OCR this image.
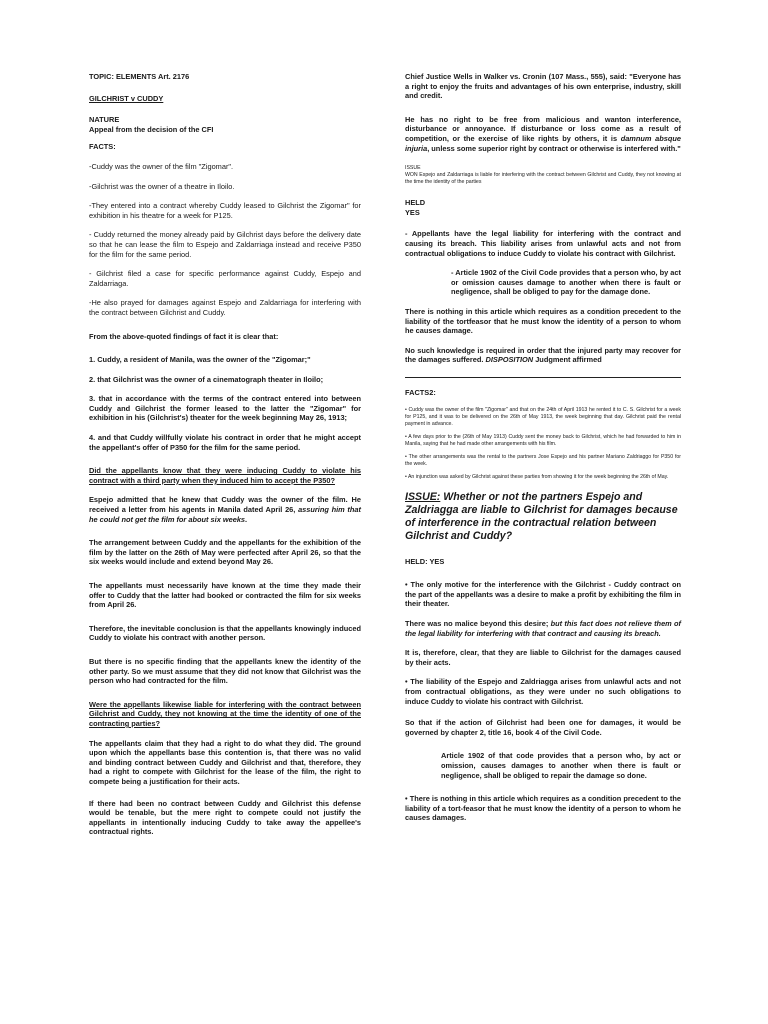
TOPIC: ELEMENTS Art. 2176

GILCHRIST v CUDDY

NATURE

Appeal from the decision of the CFI

FACTS:

-Cuddy was the owner of the film "Zigomar".

-Gilchrist was the owner of a theatre in Iloilo.

-They entered into a contract whereby Cuddy leased to Gilchrist the Zigomar" for exhibition in his theatre for a week for P125.

- Cuddy returned the money already paid by Gilchrist days before the delivery date so that he can lease the film to Espejo and Zaldarriaga instead and receive P350 for the film for the same period.

- Gilchrist filed a case for specific performance against Cuddy, Espejo and Zaldarriaga.

-He also prayed for damages against Espejo and Zaldarriaga for interfering with the contract between Gilchrist and Cuddy.

From the above-quoted findings of fact it is clear that:

1. Cuddy, a resident of Manila, was the owner of the "Zigomar;"

2. that Gilchrist was the owner of a cinematograph theater in Iloilo;

3. that in accordance with the terms of the contract entered into between Cuddy and Gilchrist the former leased to the latter the "Zigomar" for exhibition in his (Gilchrist's) theater for the week beginning May 26, 1913;

4. and that Cuddy willfully violate his contract in order that he might accept the appellant's offer of P350 for the film for the same period.

Did the appellants know that they were inducing Cuddy to violate his contract with a third party when they induced him to accept the P350?

Espejo admitted that he knew that Cuddy was the owner of the film. He received a letter from his agents in Manila dated April 26, assuring him that he could not get the film for about six weeks.

The arrangement between Cuddy and the appellants for the exhibition of the film by the latter on the 26th of May were perfected after April 26, so that the six weeks would include and extend beyond May 26.

The appellants must necessarily have known at the time they made their offer to Cuddy that the latter had booked or contracted the film for six weeks from April 26.

Therefore, the inevitable conclusion is that the appellants knowingly induced Cuddy to violate his contract with another person.

But there is no specific finding that the appellants knew the identity of the other party. So we must assume that they did not know that Gilchrist was the person who had contracted for the film.

Were the appellants likewise liable for interfering with the contract between Gilchrist and Cuddy, they not knowing at the time the identity of one of the contracting parties?

The appellants claim that they had a right to do what they did. The ground upon which the appellants base this contention is, that there was no valid and binding contract between Cuddy and Gilchrist and that, therefore, they had a right to compete with Gilchrist for the lease of the film, the right to compete being a justification for their acts.

If there had been no contract between Cuddy and Gilchrist this defense would be tenable, but the mere right to compete could not justify the appellants in intentionally inducing Cuddy to take away the appellee's contractual rights.

Chief Justice Wells in Walker vs. Cronin (107 Mass., 555), said: "Everyone has a right to enjoy the fruits and advantages of his own enterprise, industry, skill and credit.

He has no right to be free from malicious and wanton interference, disturbance or annoyance. If disturbance or loss come as a result of competition, or the exercise of like rights by others, it is damnum absque injuria, unless some superior right by contract or otherwise is interfered with."

ISSUE

WON Espejo and Zaldarriaga is liable for interfering with the contract between Gilchrist and Cuddy, they not knowing at the time the identity of the parties

HELD

YES

- Appellants have the legal liability for interfering with the contract and causing its breach. This liability arises from unlawful acts and not from contractual obligations to induce Cuddy to violate his contract with Gilchrist.

- Article 1902 of the Civil Code provides that a person who, by act or omission causes damage to another when there is fault or negligence, shall be obliged to pay for the damage done.

There is nothing in this article which requires as a condition precedent to the liability of the tortfeasor that he must know the identity of a person to whom he causes damage.

No such knowledge is required in order that the injured party may recover for the damages suffered. DISPOSITION Judgment affirmed

FACTS2:

• Cuddy was the owner of the film "Zigomar" and that on the 24th of April 1913 he rented it to C. S. Gilchrist for a week for P125, and it was to be delivered on the 26th of May 1913, the week beginning that day. Gilchrist paid the rental payment in advance.

• A few days prior to the (26th of May 1913) Cuddy sent the money back to Gilchrist, which he had forwarded to him in Manila, saying that he had made other arrangements with his film.

• The other arrangements was the rental to the partners Jose Espejo and his partner Mariano Zaldriaggo for P350 for the week.

• An injunction was asked by Gilchrist against these parties from showing it for the week beginning the 26th of May.

ISSUE: Whether or not the partners Espejo and Zaldriagga are liable to Gilchrist for damages because of interference in the contractual relation between Gilchrist and Cuddy?

HELD: YES

• The only motive for the interference with the Gilchrist - Cuddy contract on the part of the appellants was a desire to make a profit by exhibiting the film in their theater.

There was no malice beyond this desire; but this fact does not relieve them of the legal liability for interfering with that contract and causing its breach.

It is, therefore, clear, that they are liable to Gilchrist for the damages caused by their acts.

• The liability of the Espejo and Zaldriagga arises from unlawful acts and not from contractual obligations, as they were under no such obligations to induce Cuddy to violate his contract with Gilchrist.

So that if the action of Gilchrist had been one for damages, it would be governed by chapter 2, title 16, book 4 of the Civil Code.

Article 1902 of that code provides that a person who, by act or omission, causes damages to another when there is fault or negligence, shall be obliged to repair the damage so done.

• There is nothing in this article which requires as a condition precedent to the liability of a tort-feasor that he must know the identity of a person to whom he causes damages.
